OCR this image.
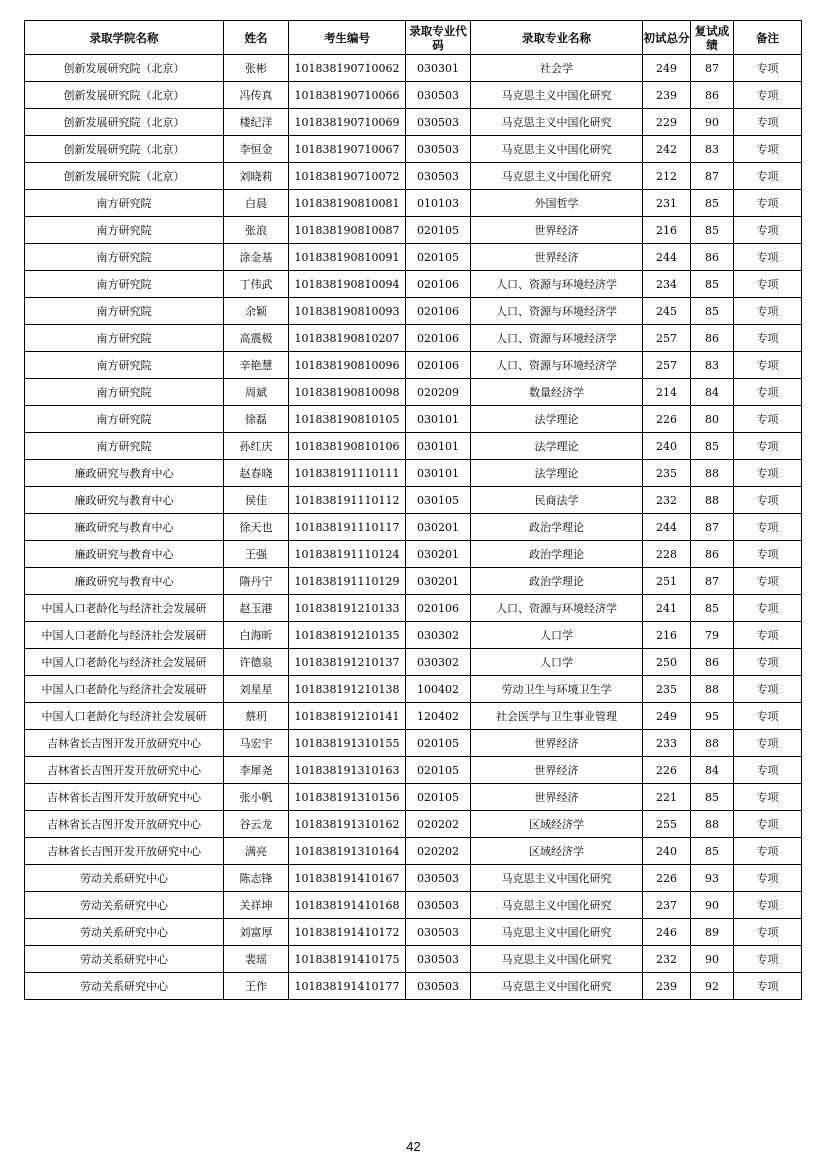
录取学院名称	姓名	考生编号	录取专业代码	录取专业名称	初试总分	复试成绩	备注
创新发展研究院（北京）	张彬	101838190710062	030301	社会学	249	87	专项
创新发展研究院（北京）	冯传真	101838190710066	030503	马克思主义中国化研究	239	86	专项
创新发展研究院（北京）	楼纪洋	101838190710069	030503	马克思主义中国化研究	229	90	专项
创新发展研究院（北京）	李恒金	101838190710067	030503	马克思主义中国化研究	242	83	专项
创新发展研究院（北京）	刘晓莉	101838190710072	030503	马克思主义中国化研究	212	87	专项
南方研究院	白晨	101838190810081	010103	外国哲学	231	85	专项
南方研究院	张浪	101838190810087	020105	世界经济	216	85	专项
南方研究院	涂金基	101838190810091	020105	世界经济	244	86	专项
南方研究院	丁伟武	101838190810094	020106	人口、资源与环境经济学	234	85	专项
南方研究院	余颖	101838190810093	020106	人口、资源与环境经济学	245	85	专项
南方研究院	高震极	101838190810207	020106	人口、资源与环境经济学	257	86	专项
南方研究院	辛艳慧	101838190810096	020106	人口、资源与环境经济学	257	83	专项
南方研究院	周斌	101838190810098	020209	数量经济学	214	84	专项
南方研究院	徐磊	101838190810105	030101	法学理论	226	80	专项
南方研究院	孙红庆	101838190810106	030101	法学理论	240	85	专项
廉政研究与教育中心	赵春晓	101838191110111	030101	法学理论	235	88	专项
廉政研究与教育中心	侯佳	101838191110112	030105	民商法学	232	88	专项
廉政研究与教育中心	徐天也	101838191110117	030201	政治学理论	244	87	专项
廉政研究与教育中心	王强	101838191110124	030201	政治学理论	228	86	专项
廉政研究与教育中心	隋丹宁	101838191110129	030201	政治学理论	251	87	专项
中国人口老龄化与经济社会发展研	赵玉港	101838191210133	020106	人口、资源与环境经济学	241	85	专项
中国人口老龄化与经济社会发展研	白海昕	101838191210135	030302	人口学	216	79	专项
中国人口老龄化与经济社会发展研	许德泉	101838191210137	030302	人口学	250	86	专项
中国人口老龄化与经济社会发展研	刘星星	101838191210138	100402	劳动卫生与环境卫生学	235	88	专项
中国人口老龄化与经济社会发展研	蔡玥	101838191210141	120402	社会医学与卫生事业管理	249	95	专项
吉林省长吉图开发开放研究中心	马宏宇	101838191310155	020105	世界经济	233	88	专项
吉林省长吉图开发开放研究中心	李犀尧	101838191310163	020105	世界经济	226	84	专项
吉林省长吉图开发开放研究中心	张小帆	101838191310156	020105	世界经济	221	85	专项
吉林省长吉图开发开放研究中心	谷云龙	101838191310162	020202	区域经济学	255	88	专项
吉林省长吉图开发开放研究中心	满亮	101838191310164	020202	区域经济学	240	85	专项
劳动关系研究中心	陈志锋	101838191410167	030503	马克思主义中国化研究	226	93	专项
劳动关系研究中心	关祥坤	101838191410168	030503	马克思主义中国化研究	237	90	专项
劳动关系研究中心	刘富厚	101838191410172	030503	马克思主义中国化研究	246	89	专项
劳动关系研究中心	裴瑶	101838191410175	030503	马克思主义中国化研究	232	90	专项
劳动关系研究中心	王作	101838191410177	030503	马克思主义中国化研究	239	92	专项
42
